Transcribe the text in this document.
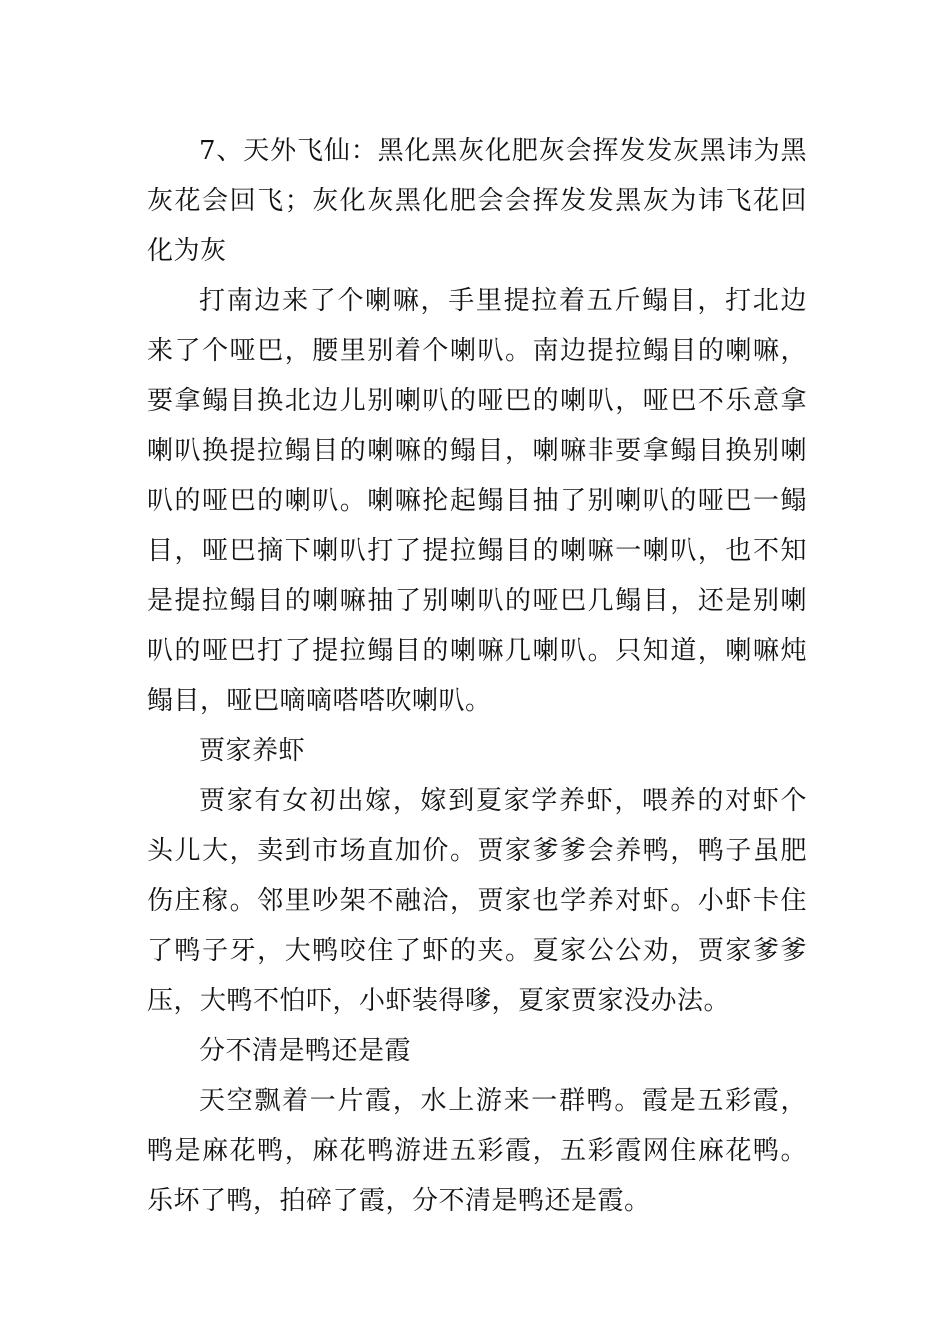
7、天外飞仙：黑化黑灰化肥灰会挥发发灰黑讳为黑灰花会回飞；灰化灰黑化肥会会挥发发黑灰为讳飞花回化为灰

打南边来了个喇嘛，手里提拉着五斤鳎目，打北边来了个哑巴，腰里别着个喇叭。南边提拉鳎目的喇嘛，要拿鳎目换北边儿别喇叭的哑巴的喇叭，哑巴不乐意拿喇叭换提拉鳎目的喇嘛的鳎目，喇嘛非要拿鳎目换别喇叭的哑巴的喇叭。喇嘛抡起鳎目抽了别喇叭的哑巴一鳎目，哑巴摘下喇叭打了提拉鳎目的喇嘛一喇叭，也不知是提拉鳎目的喇嘛抽了别喇叭的哑巴几鳎目，还是别喇叭的哑巴打了提拉鳎目的喇嘛几喇叭。只知道，喇嘛炖鳎目，哑巴嘀嘀嗒嗒吹喇叭。

贾家养虾

贾家有女初出嫁，嫁到夏家学养虾，喂养的对虾个头儿大，卖到市场直加价。贾家爹爹会养鸭，鸭子虽肥伤庄稼。邻里吵架不融洽，贾家也学养对虾。小虾卡住了鸭子牙，大鸭咬住了虾的夹。夏家公公劝，贾家爹爹压，大鸭不怕吓，小虾装得嗲，夏家贾家没办法。

分不清是鸭还是霞

天空飘着一片霞，水上游来一群鸭。霞是五彩霞，鸭是麻花鸭，麻花鸭游进五彩霞，五彩霞网住麻花鸭。乐坏了鸭，拍碎了霞，分不清是鸭还是霞。
